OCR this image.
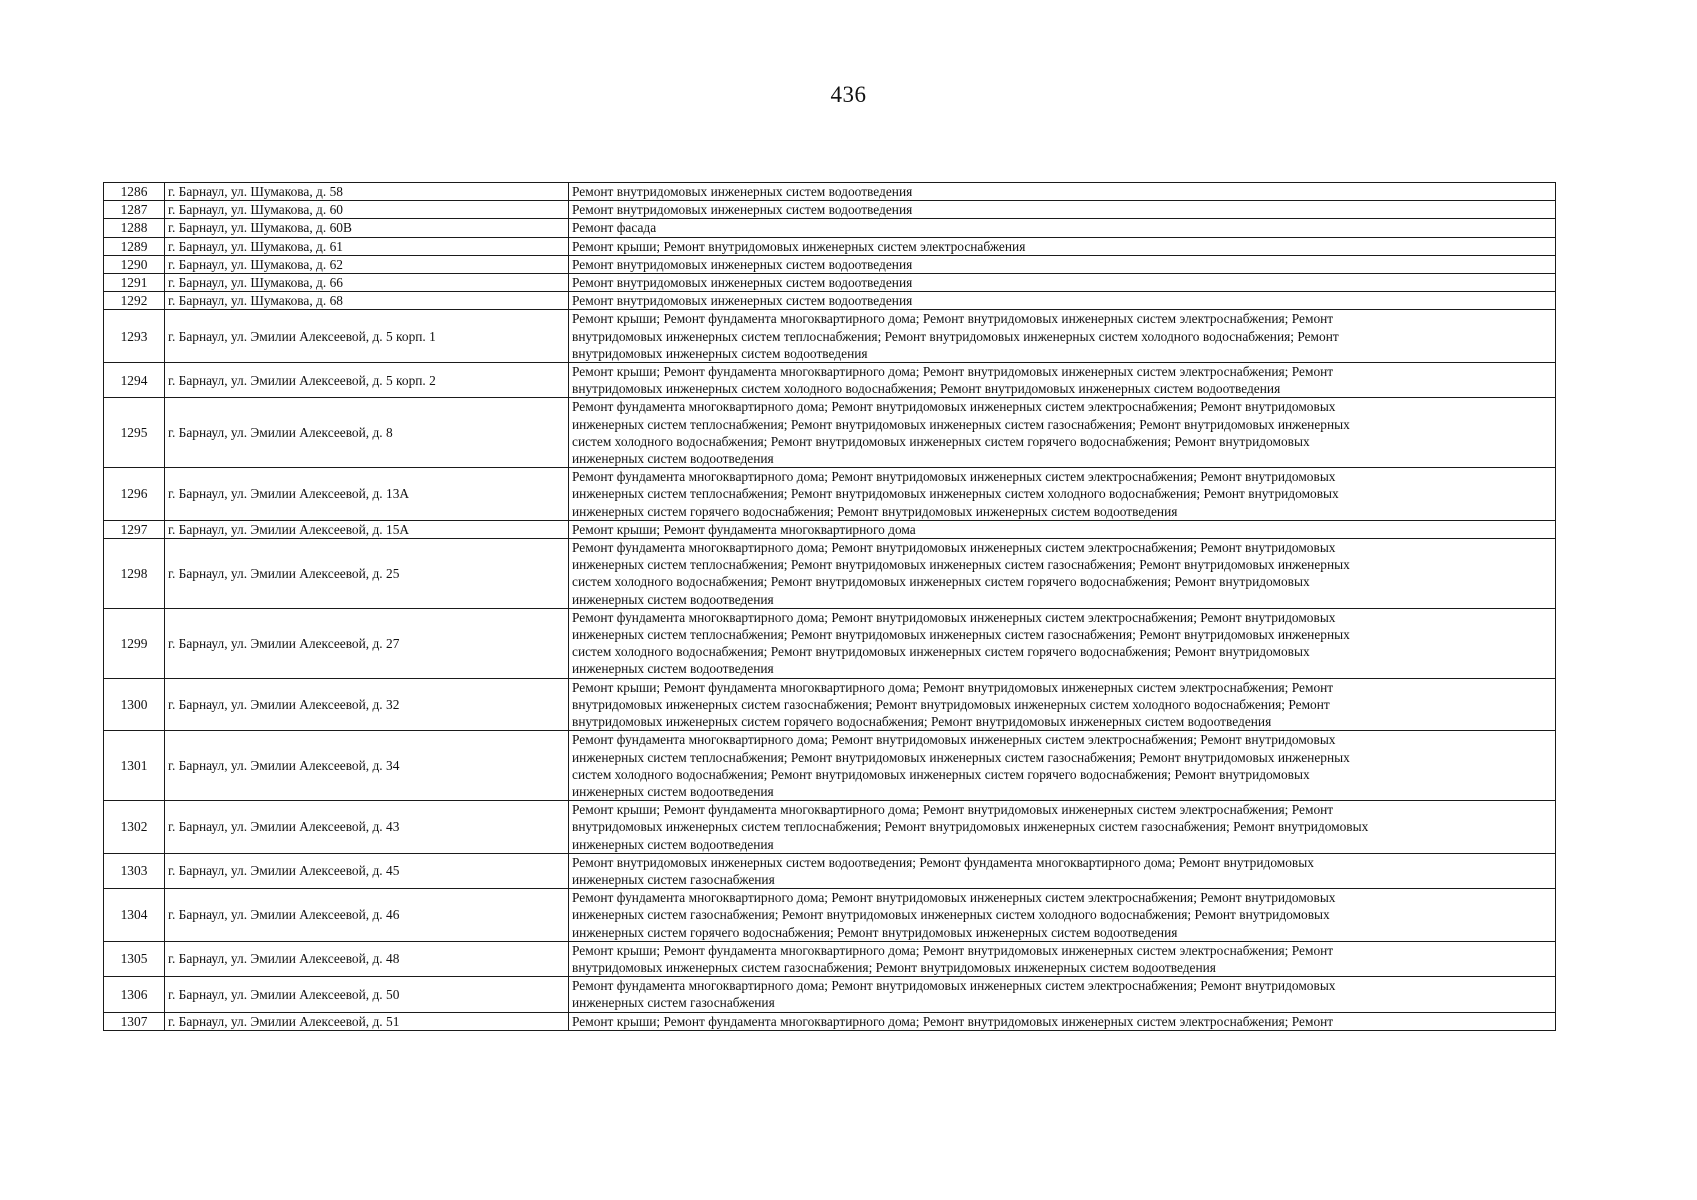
436
1286	г. Барнаул, ул. Шумакова, д. 58	Ремонт внутридомовых инженерных систем водоотведения

1287	г. Барнаул, ул. Шумакова, д. 60	Ремонт внутридомовых инженерных систем водоотведения

1288	г. Барнаул, ул. Шумакова, д. 60В	Ремонт фасада

1289	г. Барнаул, ул. Шумакова, д. 61	Ремонт крыши; Ремонт внутридомовых инженерных систем электроснабжения

1290	г. Барнаул, ул. Шумакова, д. 62	Ремонт внутридомовых инженерных систем водоотведения

1291	г. Барнаул, ул. Шумакова, д. 66	Ремонт внутридомовых инженерных систем водоотведения

1292	г. Барнаул, ул. Шумакова, д. 68	Ремонт внутридомовых инженерных систем водоотведения

1293	г. Барнаул, ул. Эмилии Алексеевой, д. 5 корп. 1	Ремонт крыши; Ремонт фундамента многоквартирного дома; Ремонт внутридомовых инженерных систем электроснабжения; Ремонт
внутридомовых инженерных систем теплоснабжения; Ремонт внутридомовых инженерных систем холодного водоснабжения; Ремонт
внутридомовых инженерных систем водоотведения

1294	г. Барнаул, ул. Эмилии Алексеевой, д. 5 корп. 2	Ремонт крыши; Ремонт фундамента многоквартирного дома; Ремонт внутридомовых инженерных систем электроснабжения; Ремонт
внутридомовых инженерных систем холодного водоснабжения; Ремонт внутридомовых инженерных систем водоотведения

1295	г. Барнаул, ул. Эмилии Алексеевой, д. 8	Ремонт фундамента многоквартирного дома; Ремонт внутридомовых инженерных систем электроснабжения; Ремонт внутридомовых
инженерных систем теплоснабжения; Ремонт внутридомовых инженерных систем газоснабжения; Ремонт внутридомовых инженерных
систем холодного водоснабжения; Ремонт внутридомовых инженерных систем горячего водоснабжения; Ремонт внутридомовых
инженерных систем водоотведения

1296	г. Барнаул, ул. Эмилии Алексеевой, д. 13А	Ремонт фундамента многоквартирного дома; Ремонт внутридомовых инженерных систем электроснабжения; Ремонт внутридомовых
инженерных систем теплоснабжения; Ремонт внутридомовых инженерных систем холодного водоснабжения; Ремонт внутридомовых
инженерных систем горячего водоснабжения; Ремонт внутридомовых инженерных систем водоотведения

1297	г. Барнаул, ул. Эмилии Алексеевой, д. 15А	Ремонт крыши; Ремонт фундамента многоквартирного дома

1298	г. Барнаул, ул. Эмилии Алексеевой, д. 25	Ремонт фундамента многоквартирного дома; Ремонт внутридомовых инженерных систем электроснабжения; Ремонт внутридомовых
инженерных систем теплоснабжения; Ремонт внутридомовых инженерных систем газоснабжения; Ремонт внутридомовых инженерных
систем холодного водоснабжения; Ремонт внутридомовых инженерных систем горячего водоснабжения; Ремонт внутридомовых
инженерных систем водоотведения

1299	г. Барнаул, ул. Эмилии Алексеевой, д. 27	Ремонт фундамента многоквартирного дома; Ремонт внутридомовых инженерных систем электроснабжения; Ремонт внутридомовых
инженерных систем теплоснабжения; Ремонт внутридомовых инженерных систем газоснабжения; Ремонт внутридомовых инженерных
систем холодного водоснабжения; Ремонт внутридомовых инженерных систем горячего водоснабжения; Ремонт внутридомовых
инженерных систем водоотведения

1300	г. Барнаул, ул. Эмилии Алексеевой, д. 32	Ремонт крыши; Ремонт фундамента многоквартирного дома; Ремонт внутридомовых инженерных систем электроснабжения; Ремонт
внутридомовых инженерных систем газоснабжения; Ремонт внутридомовых инженерных систем холодного водоснабжения; Ремонт
внутридомовых инженерных систем горячего водоснабжения; Ремонт внутридомовых инженерных систем водоотведения

1301	г. Барнаул, ул. Эмилии Алексеевой, д. 34	Ремонт фундамента многоквартирного дома; Ремонт внутридомовых инженерных систем электроснабжения; Ремонт внутридомовых
инженерных систем теплоснабжения; Ремонт внутридомовых инженерных систем газоснабжения; Ремонт внутридомовых инженерных
систем холодного водоснабжения; Ремонт внутридомовых инженерных систем горячего водоснабжения; Ремонт внутридомовых
инженерных систем водоотведения

1302	г. Барнаул, ул. Эмилии Алексеевой, д. 43	Ремонт крыши; Ремонт фундамента многоквартирного дома; Ремонт внутридомовых инженерных систем электроснабжения; Ремонт
внутридомовых инженерных систем теплоснабжения; Ремонт внутридомовых инженерных систем газоснабжения; Ремонт внутридомовых
инженерных систем водоотведения

1303	г. Барнаул, ул. Эмилии Алексеевой, д. 45	Ремонт внутридомовых инженерных систем водоотведения; Ремонт фундамента многоквартирного дома; Ремонт внутридомовых
инженерных систем газоснабжения

1304	г. Барнаул, ул. Эмилии Алексеевой, д. 46	Ремонт фундамента многоквартирного дома; Ремонт внутридомовых инженерных систем электроснабжения; Ремонт внутридомовых
инженерных систем газоснабжения; Ремонт внутридомовых инженерных систем холодного водоснабжения; Ремонт внутридомовых
инженерных систем горячего водоснабжения; Ремонт внутридомовых инженерных систем водоотведения

1305	г. Барнаул, ул. Эмилии Алексеевой, д. 48	Ремонт крыши; Ремонт фундамента многоквартирного дома; Ремонт внутридомовых инженерных систем электроснабжения; Ремонт
внутридомовых инженерных систем газоснабжения; Ремонт внутридомовых инженерных систем водоотведения

1306	г. Барнаул, ул. Эмилии Алексеевой, д. 50	Ремонт фундамента многоквартирного дома; Ремонт внутридомовых инженерных систем электроснабжения; Ремонт внутридомовых
инженерных систем газоснабжения

1307	г. Барнаул, ул. Эмилии Алексеевой, д. 51	Ремонт крыши; Ремонт фундамента многоквартирного дома; Ремонт внутридомовых инженерных систем электроснабжения; Ремонт
